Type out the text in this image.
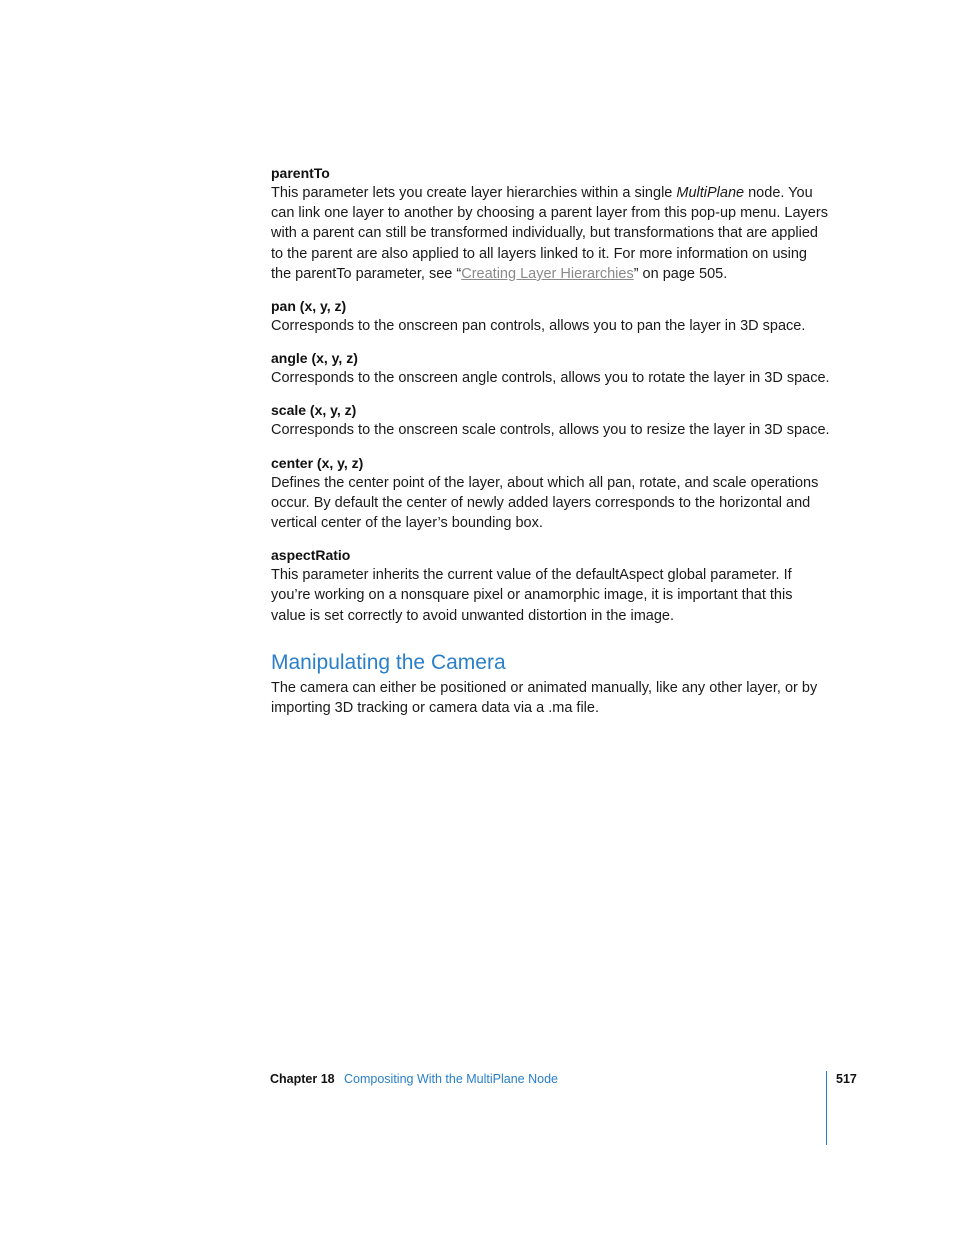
parentTo
This parameter lets you create layer hierarchies within a single MultiPlane node. You can link one layer to another by choosing a parent layer from this pop-up menu. Layers with a parent can still be transformed individually, but transformations that are applied to the parent are also applied to all layers linked to it. For more information on using the parentTo parameter, see “Creating Layer Hierarchies” on page 505.
pan (x, y, z)
Corresponds to the onscreen pan controls, allows you to pan the layer in 3D space.
angle (x, y, z)
Corresponds to the onscreen angle controls, allows you to rotate the layer in 3D space.
scale (x, y, z)
Corresponds to the onscreen scale controls, allows you to resize the layer in 3D space.
center (x, y, z)
Defines the center point of the layer, about which all pan, rotate, and scale operations occur. By default the center of newly added layers corresponds to the horizontal and vertical center of the layer’s bounding box.
aspectRatio
This parameter inherits the current value of the defaultAspect global parameter. If you’re working on a nonsquare pixel or anamorphic image, it is important that this value is set correctly to avoid unwanted distortion in the image.
Manipulating the Camera
The camera can either be positioned or animated manually, like any other layer, or by importing 3D tracking or camera data via a .ma file.
Chapter 18 Compositing With the MultiPlane Node	517
